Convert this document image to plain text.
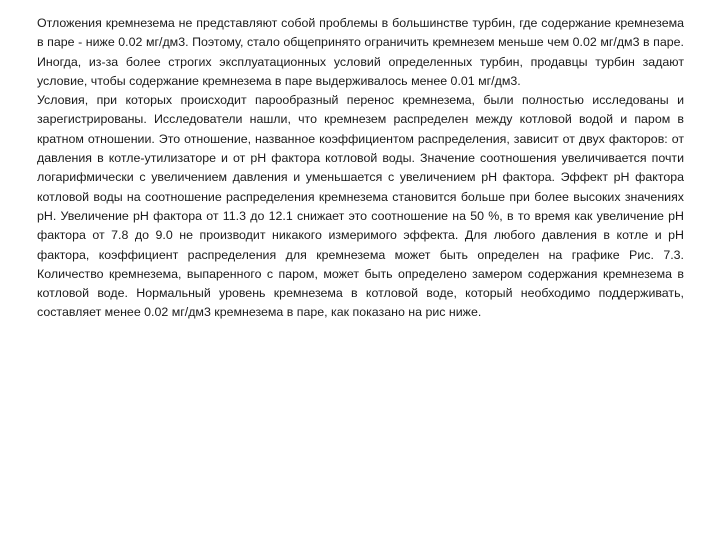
Отложения кремнезема не представляют собой проблемы в большинстве турбин, где содержание кремнезема в паре - ниже 0.02 мг/дм3. Поэтому, стало общепринято ограничить кремнезем меньше чем 0.02 мг/дм3 в паре. Иногда, из-за более строгих эксплуатационных условий определенных турбин, продавцы турбин задают условие, чтобы содержание кремнезема в паре выдерживалось менее 0.01 мг/дм3.

Условия, при которых происходит парообразный перенос кремнезема, были полностью исследованы и зарегистрированы. Исследователи нашли, что кремнезем распределен между котловой водой и паром в кратном отношении. Это отношение, названное коэффициентом распределения, зависит от двух факторов: от давления в котле-утилизаторе и от pH фактора котловой воды. Значение соотношения увеличивается почти логарифмически с увеличением давления и уменьшается с увеличением pH фактора. Эффект pH фактора котловой воды на соотношение распределения кремнезема становится больше при более высоких значениях pH. Увеличение pH фактора от 11.3 до 12.1 снижает это соотношение на 50 %, в то время как увеличение pH фактора от 7.8 до 9.0 не производит никакого измеримого эффекта. Для любого давления в котле и pH фактора, коэффициент распределения для кремнезема может быть определен на графике Рис. 7.3. Количество кремнезема, выпаренного с паром, может быть определено замером содержания кремнезема в котловой воде. Нормальный уровень кремнезема в котловой воде, который необходимо поддерживать, составляет менее 0.02 мг/дм3 кремнезема в паре, как показано на рис ниже.
